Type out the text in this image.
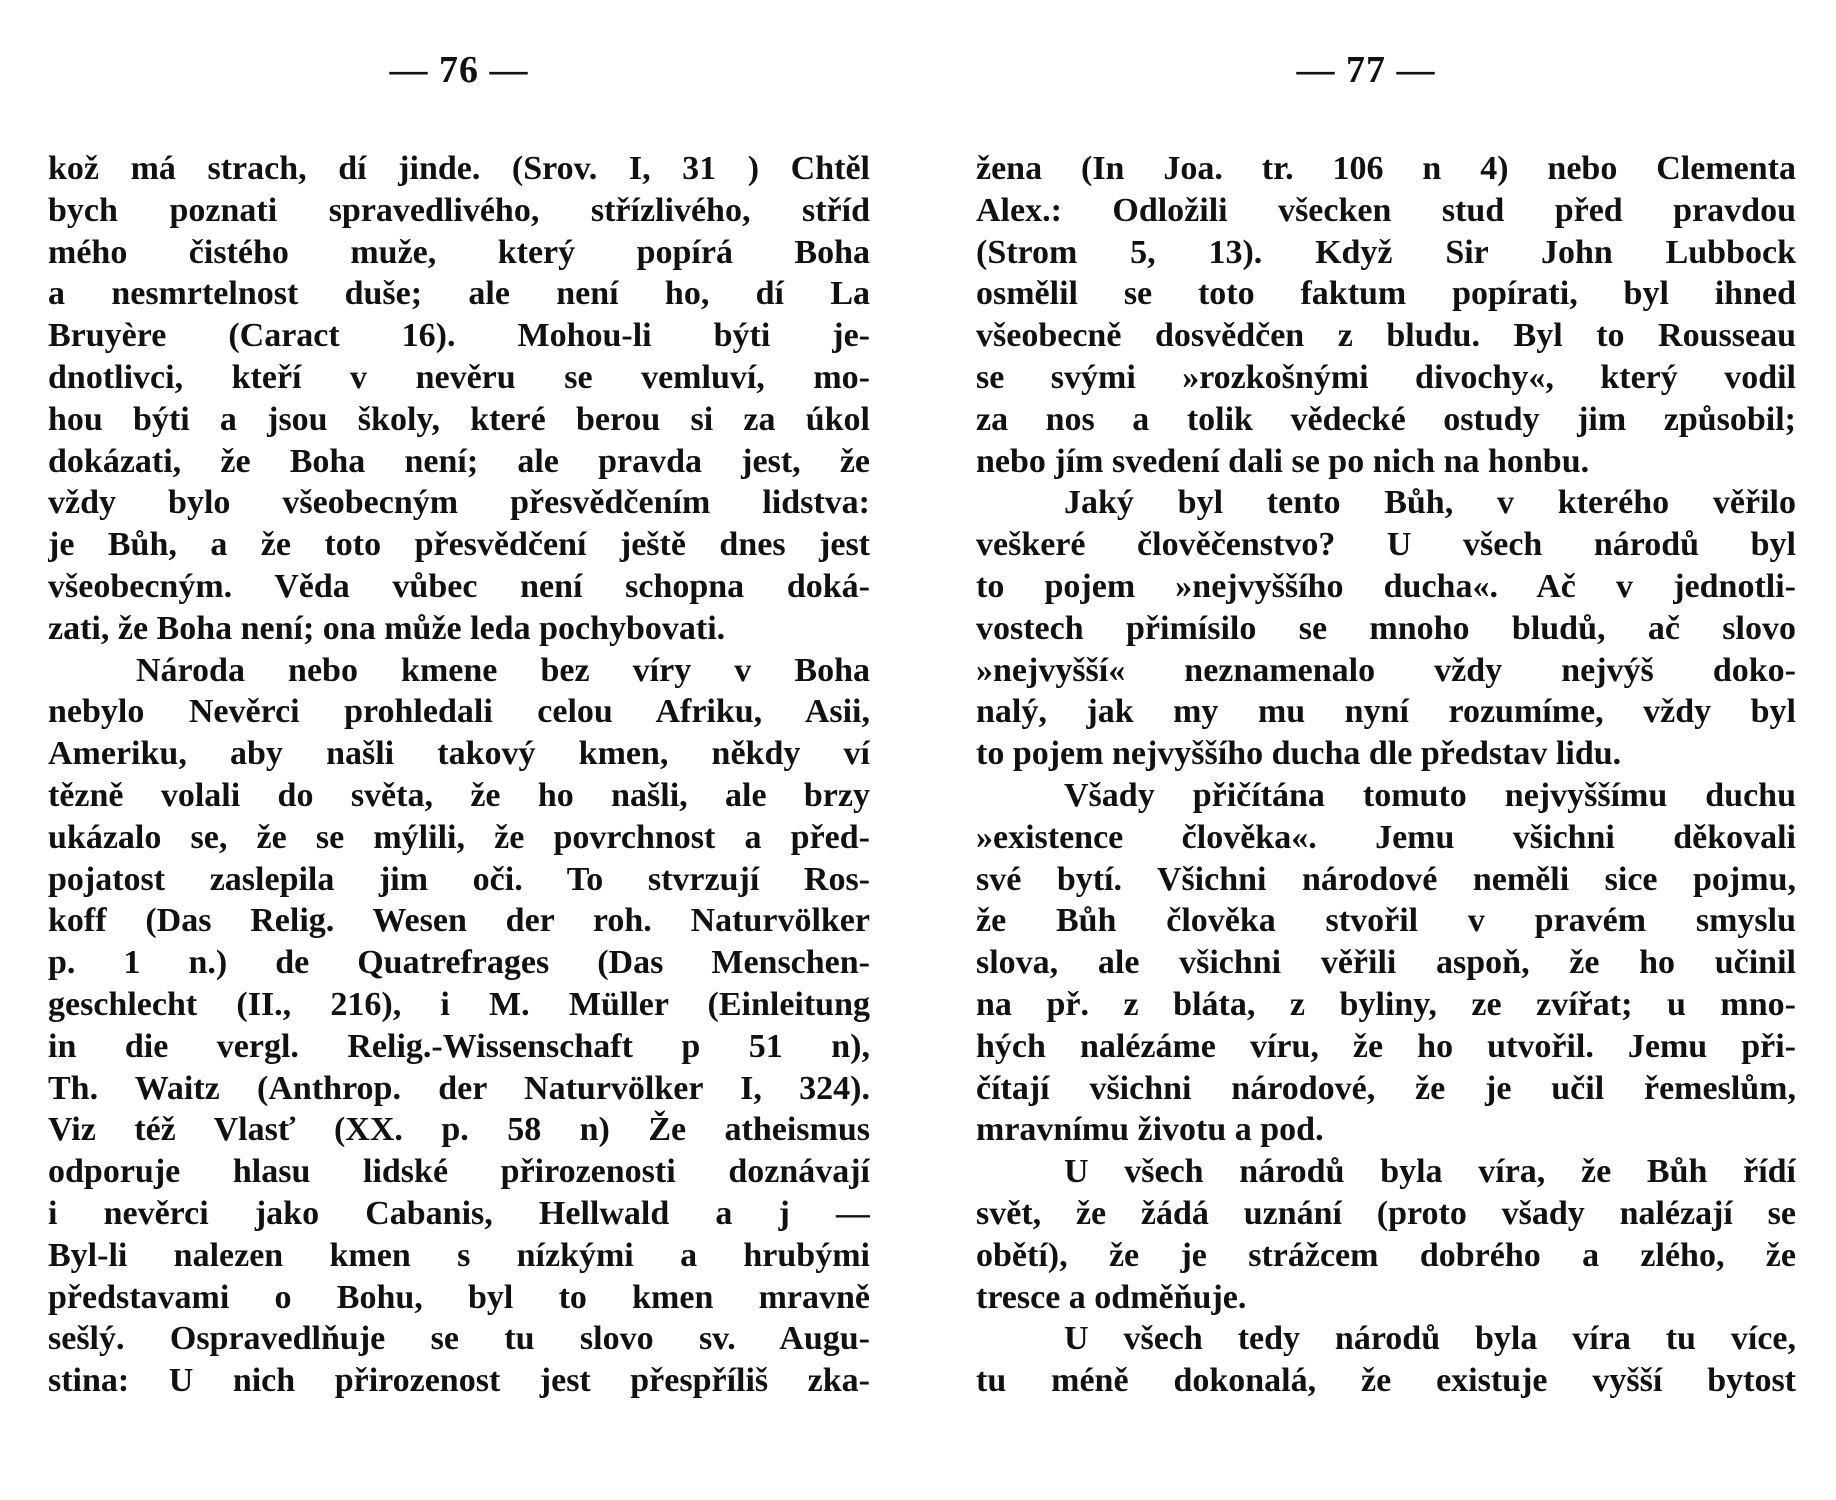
— 76 —
kož má strach, dí jinde. (Srov. I, 31 ) Chtěl
bych poznati spravedlivého, střízlivého, stříd
mého čistého muže, který popírá Boha
a nesmrtelnost duše; ale není ho, dí La
Bruyère (Caract 16). Mohou-li býti je-
dnotlivci, kteří v nevěru se vemluví, mo-
hou býti a jsou školy, které berou si za úkol
dokázati, že Boha není; ale pravda jest, že
vždy bylo všeobecným přesvědčením lidstva:
je Bůh, a že toto přesvědčení ještě dnes jest
všeobecným. Věda vůbec není schopna doká-
zati, že Boha není; ona může leda pochybovati.
Národa nebo kmene bez víry v Boha
nebylo Nevěrci prohledali celou Afriku, Asii,
Ameriku, aby našli takový kmen, někdy ví
tězně volali do světa, že ho našli, ale brzy
ukázalo se, že se mýlili, že povrchnost a před-
pojatost zaslepila jim oči. To stvrzují Ros-
koff (Das Relig. Wesen der roh. Naturvölker
p. 1 n.) de Quatrefrages (Das Menschen-
geschlecht (II., 216), i M. Müller (Einleitung
in die vergl. Relig.-Wissenschaft p 51 n),
Th. Waitz (Anthrop. der Naturvölker I, 324).
Viz též Vlasť (XX. p. 58 n) Že atheismus
odporuje hlasu lidské přirozenosti doznávají
i nevěrci jako Cabanis, Hellwald a j —
Byl-li nalezen kmen s nízkými a hrubými
představami o Bohu, byl to kmen mravně
sešlý. Ospravedlňuje se tu slovo sv. Augu-
stina: U nich přirozenost jest přespříliš zka-
— 77 —
žena (In Joa. tr. 106 n 4) nebo Clementa
Alex.: Odložili všecken stud před pravdou
(Strom 5, 13). Když Sir John Lubbock
osmělil se toto faktum popírati, byl ihned
všeobecně dosvědčen z bludu. Byl to Rousseau
se svými »rozkošnými divochy«, který vodil
za nos a tolik vědecké ostudy jim způsobil;
nebo jím svedení dali se po nich na honbu.
Jaký byl tento Bůh, v kterého věřilo
veškeré člověčenstvo? U všech národů byl
to pojem »nejvyššího ducha«. Ač v jednotli-
vostech přimísilo se mnoho bludů, ač slovo
»nejvyšší« neznamenalo vždy nejvýš doko-
nalý, jak my mu nyní rozumíme, vždy byl
to pojem nejvyššího ducha dle představ lidu.
Všady přičítána tomuto nejvyššímu duchu
»existence člověka«. Jemu všichni děkovali
své bytí. Všichni národové neměli sice pojmu,
že Bůh člověka stvořil v pravém smyslu
slova, ale všichni věřili aspoň, že ho učinil
na př. z bláta, z byliny, ze zvířat; u mno-
hých nalézáme víru, že ho utvořil. Jemu při-
čítají všichni národové, že je učil řemeslům,
mravnímu životu a pod.
U všech národů byla víra, že Bůh řídí
svět, že žádá uznání (proto všady nalézají se
obětí), že je strážcem dobrého a zlého, že
tresce a odměňuje.
U všech tedy národů byla víra tu více,
tu méně dokonalá, že existuje vyšší bytost
